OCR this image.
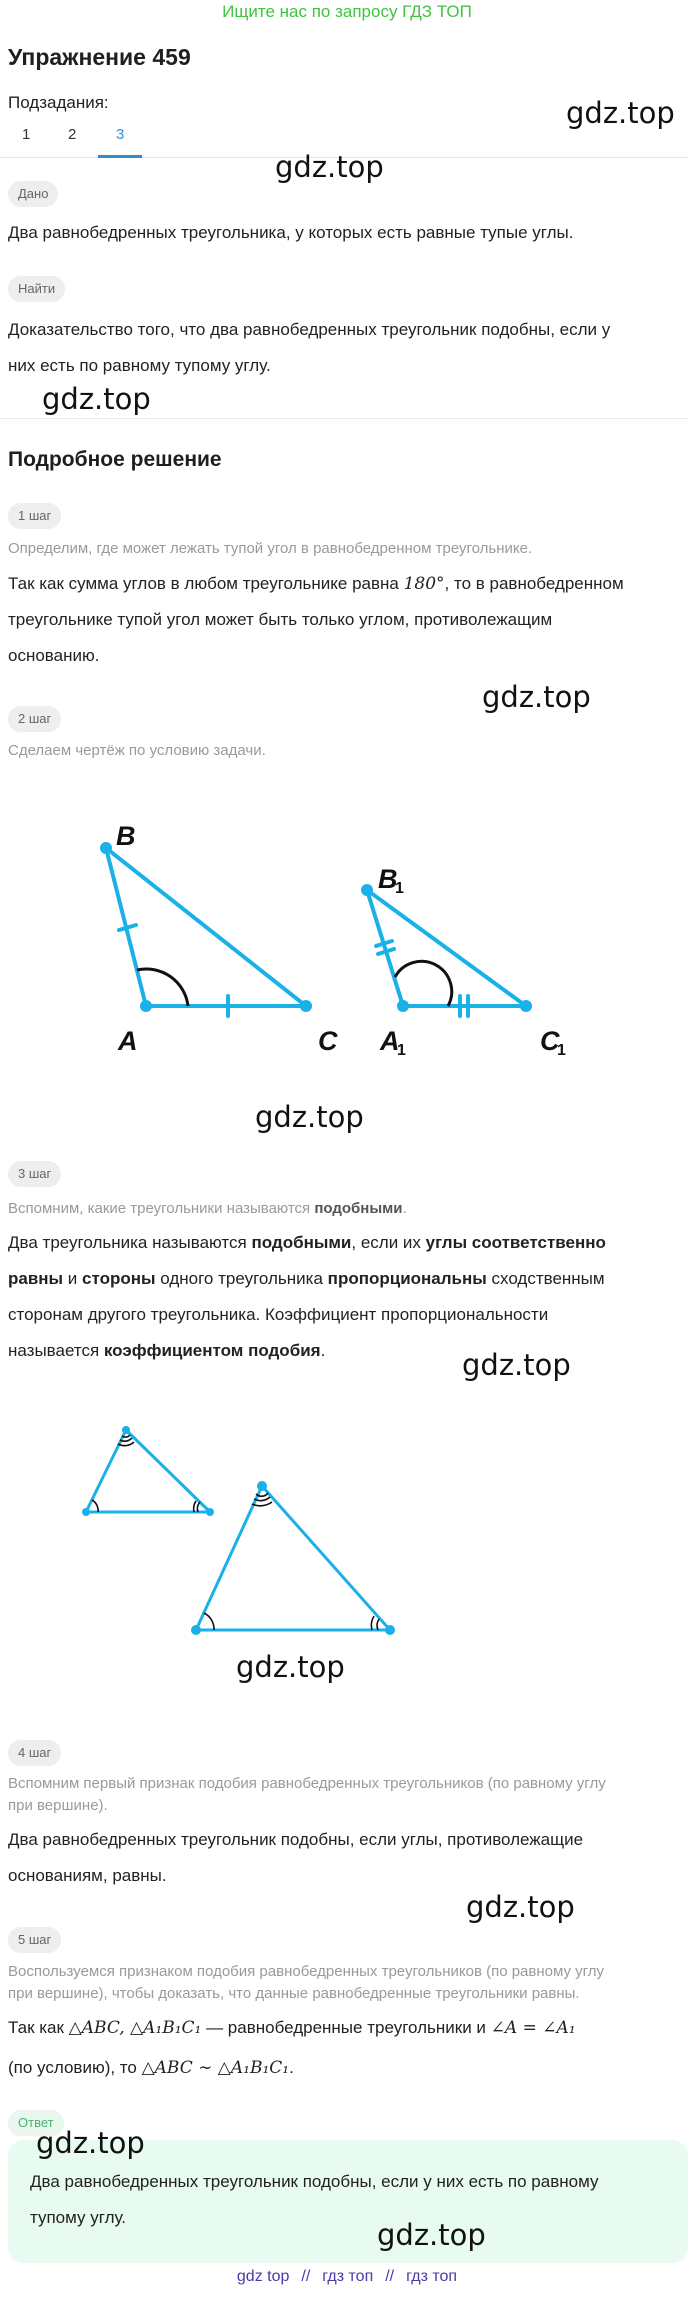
Ищите нас по запросу ГДЗ ТОП
Упражнение 459
gdz.top
Подзадания:
1	2	3
gdz.top
Дано
Два равнобедренных треугольника, у которых есть равные тупые углы.
Найти
Доказательство того, что два равнобедренных треугольник подобны, если у
них есть по равному тупому углу.
gdz.top
Подробное решение
1 шаг
Определим, где может лежать тупой угол в равнобедренном треугольнике.
Так как сумма углов в любом треугольнике равна 180°, то в равнобедренном
треугольнике тупой угол может быть только углом, противолежащим
основанию.
gdz.top
2 шаг
Сделаем чертёж по условию задачи.
B
A	C
B
A	C
1
1	1
gdz.top
3 шаг
Вспомним, какие треугольники называются подобными.
Два треугольника называются подобными, если их углы соответственно
равны и стороны одного треугольника пропорциональны сходственным
сторонам другого треугольника. Коэффициент пропорциональности
называется коэффициентом подобия.	gdz.top
gdz.top
4 шаг
Вспомним первый признак подобия равнобедренных треугольников (по равному углу
при вершине).
Два равнобедренных треугольник подобны, если углы, противолежащие
основаниям, равны.
gdz.top
5 шаг
Воспользуемся признаком подобия равнобедренных треугольников (по равному углу
при вершине), чтобы доказать, что данные равнобедренные треугольники равны.
Так как △ABC, △A₁B₁C₁ — равнобедренные треугольники и ∠A = ∠A₁
(по условию), то △ABC ∼ △A₁B₁C₁.
Ответ
Два равнобедренных треугольник подобны, если у них есть по равному
тупому углу.
gdz.top
gdz.top
gdz top // гдз топ // гдз топ
